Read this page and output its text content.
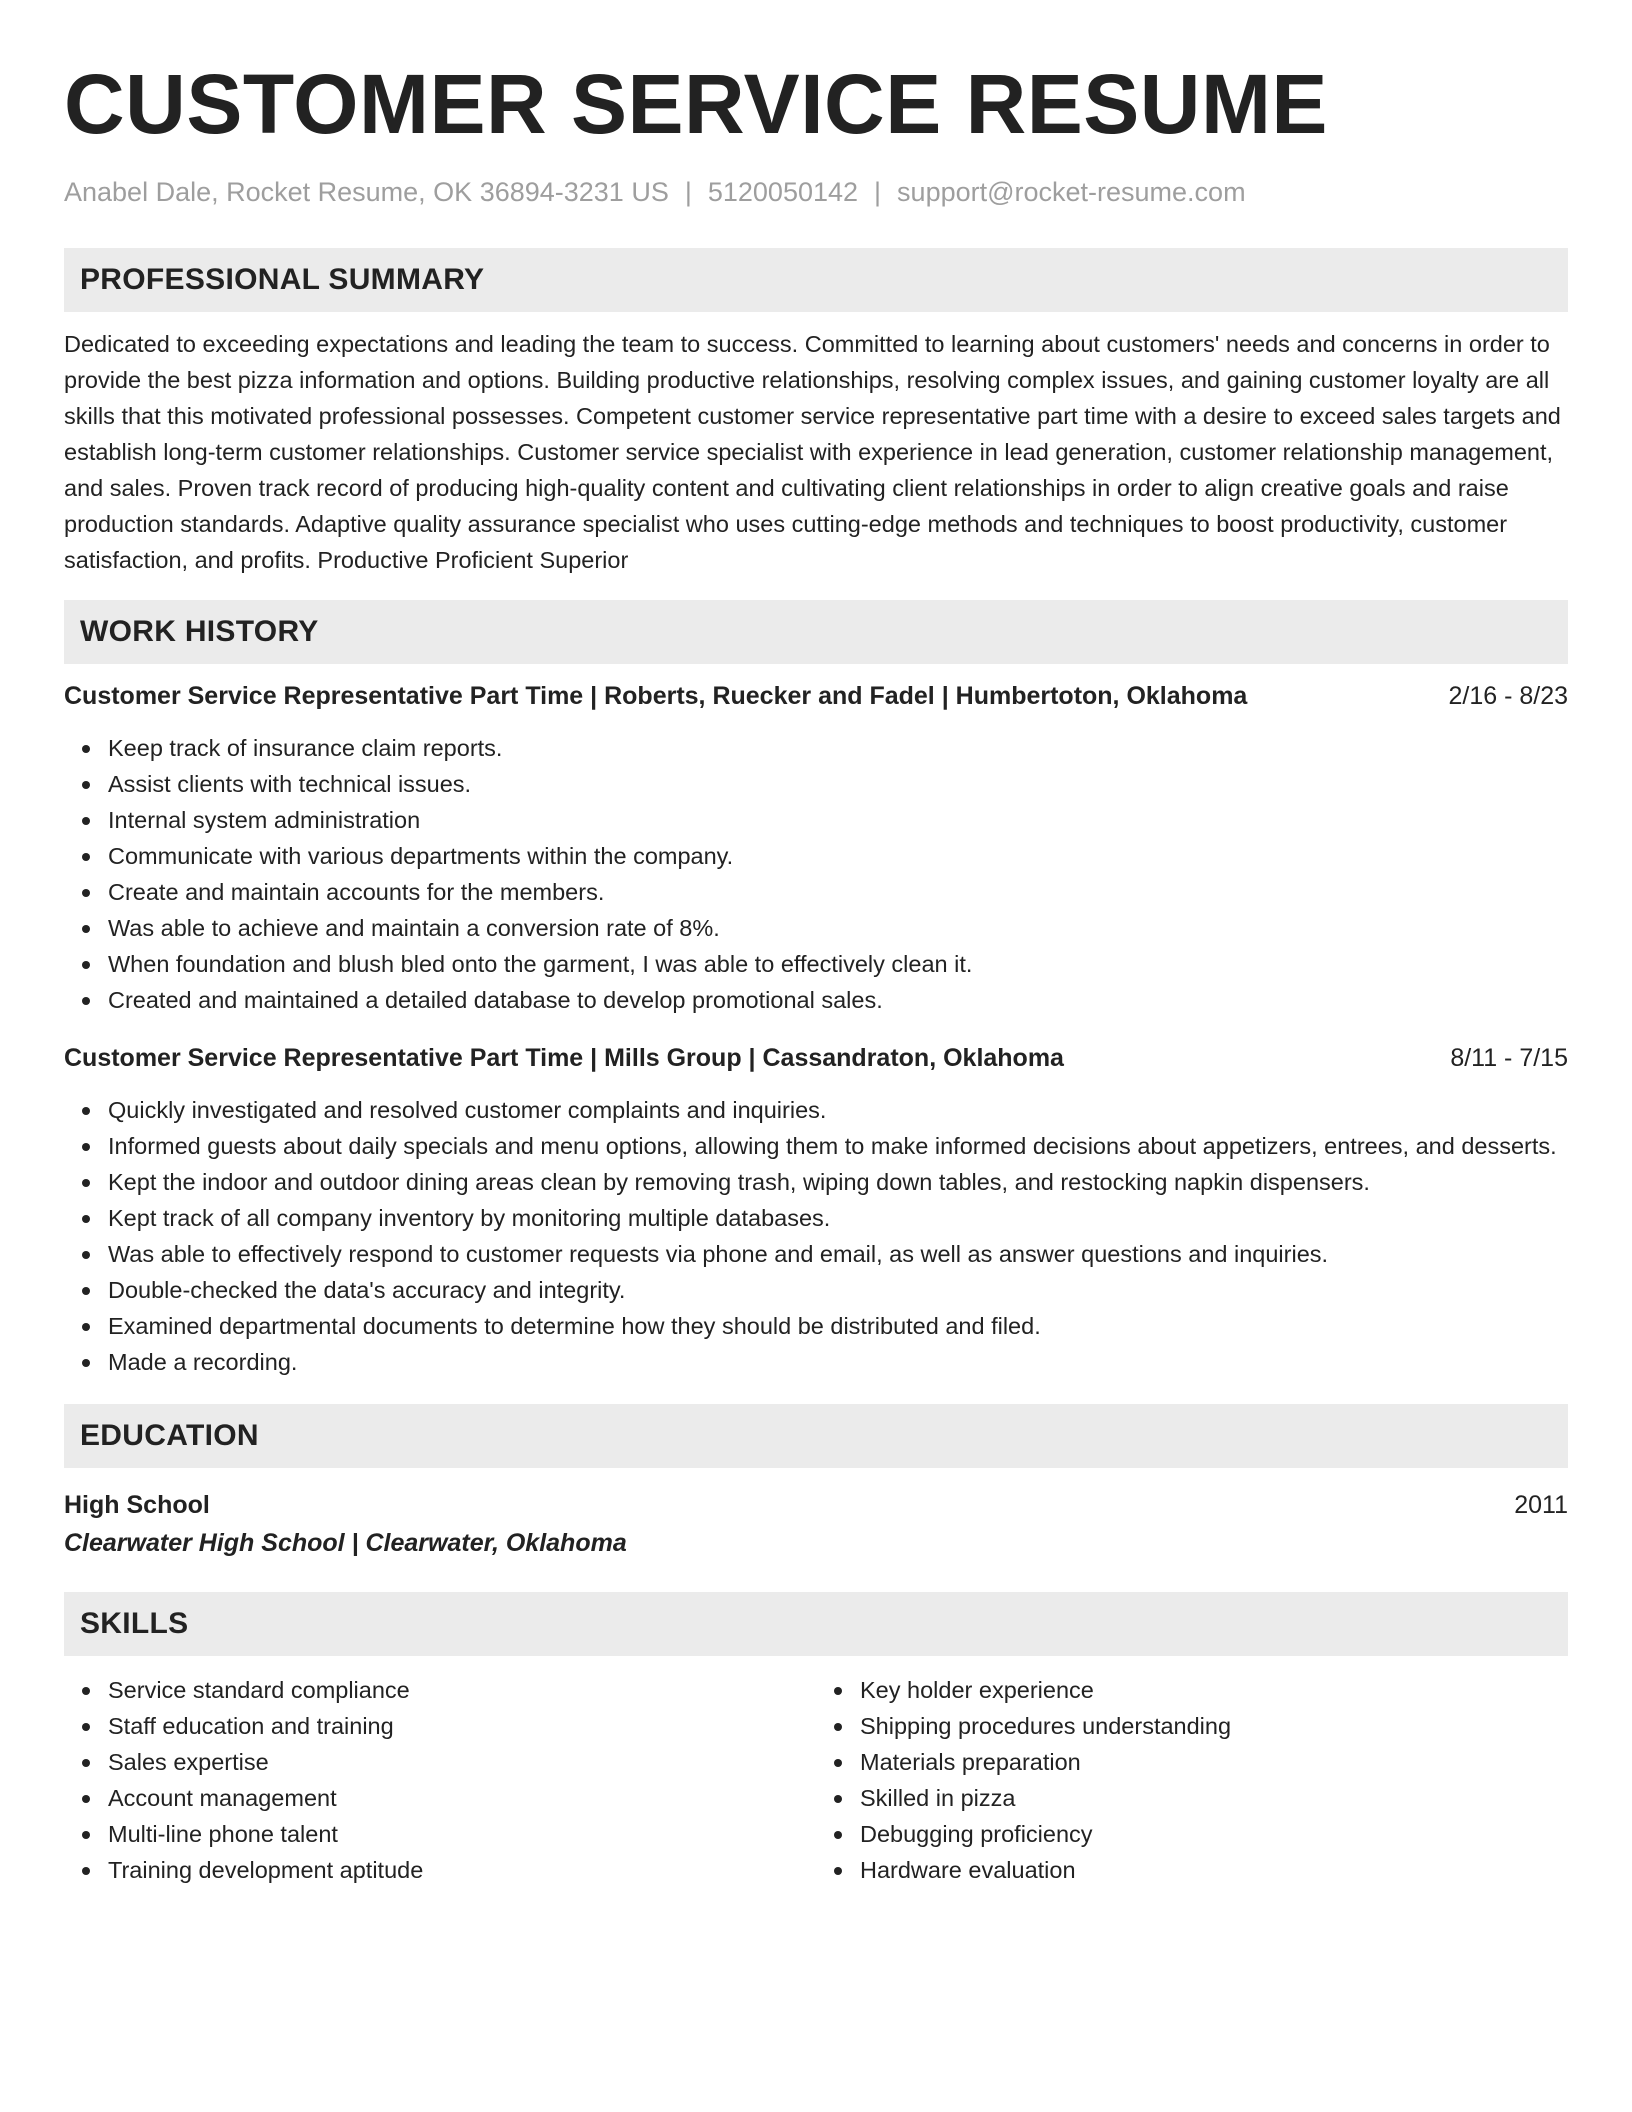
CUSTOMER SERVICE RESUME
Anabel Dale, Rocket Resume, OK 36894-3231 US | 5120050142 | support@rocket-resume.com
PROFESSIONAL SUMMARY

Dedicated to exceeding expectations and leading the team to success. Committed to learning about customers' needs and concerns in order to provide the best pizza information and options. Building productive relationships, resolving complex issues, and gaining customer loyalty are all skills that this motivated professional possesses. Competent customer service representative part time with a desire to exceed sales targets and establish long-term customer relationships. Customer service specialist with experience in lead generation, customer relationship management, and sales. Proven track record of producing high-quality content and cultivating client relationships in order to align creative goals and raise production standards. Adaptive quality assurance specialist who uses cutting-edge methods and techniques to boost productivity, customer satisfaction, and profits. Productive Proficient Superior

WORK HISTORY
Customer Service Representative Part Time | Roberts, Ruecker and Fadel | Humbertoton, Oklahoma	2/16 - 8/23
Keep track of insurance claim reports.
Assist clients with technical issues.
Internal system administration
Communicate with various departments within the company.
Create and maintain accounts for the members.
Was able to achieve and maintain a conversion rate of 8%.
When foundation and blush bled onto the garment, I was able to effectively clean it.
Created and maintained a detailed database to develop promotional sales.
Customer Service Representative Part Time | Mills Group | Cassandraton, Oklahoma	8/11 - 7/15
Quickly investigated and resolved customer complaints and inquiries.
Informed guests about daily specials and menu options, allowing them to make informed decisions about appetizers, entrees, and desserts.
Kept the indoor and outdoor dining areas clean by removing trash, wiping down tables, and restocking napkin dispensers.
Kept track of all company inventory by monitoring multiple databases.
Was able to effectively respond to customer requests via phone and email, as well as answer questions and inquiries.
Double-checked the data's accuracy and integrity.
Examined departmental documents to determine how they should be distributed and filed.
Made a recording.
EDUCATION
High School	2011
Clearwater High School | Clearwater, Oklahoma
SKILLS
Service standard compliance
Staff education and training
Sales expertise
Account management
Multi-line phone talent
Training development aptitude
Key holder experience
Shipping procedures understanding
Materials preparation
Skilled in pizza
Debugging proficiency
Hardware evaluation
